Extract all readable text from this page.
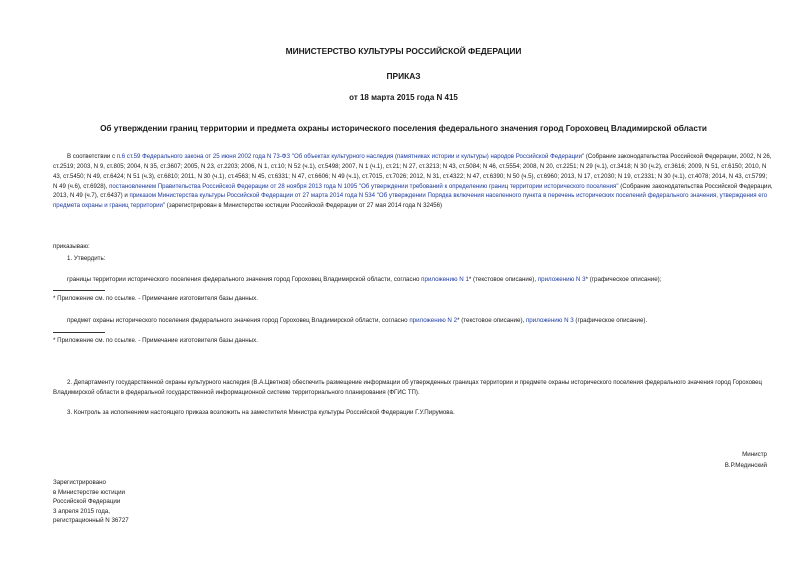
МИНИСТЕРСТВО КУЛЬТУРЫ РОССИЙСКОЙ ФЕДЕРАЦИИ
ПРИКАЗ
от 18 марта 2015 года N 415
Об утверждении границ территории и предмета охраны исторического поселения федерального значения город Гороховец Владимирской области
В соответствии с п.6 ст.59 Федерального закона от 25 июня 2002 года N 73-ФЗ "Об объектах культурного наследия (памятниках истории и культуры) народов Российской Федерации" (Собрание законодательства Российской Федерации, 2002, N 26, ст.2519; 2003, N 9, ст.805; 2004, N 35, ст.3607; 2005, N 23, ст.2203; 2006, N 1, ст.10; N 52 (ч.1), ст.5498; 2007, N 1 (ч.1), ст.21; N 27, ст.3213; N 43, ст.5084; N 46, ст.5554; 2008, N 20, ст.2251; N 29 (ч.1), ст.3418; N 30 (ч.2), ст.3616; 2009, N 51, ст.6150; 2010, N 43, ст.5450; N 49, ст.6424; N 51 (ч.3), ст.6810; 2011, N 30 (ч.1), ст.4563; N 45, ст.6331; N 47, ст.6606; N 49 (ч.1), ст.7015, ст.7026; 2012, N 31, ст.4322; N 47, ст.6390; N 50 (ч.5), ст.6960; 2013, N 17, ст.2030; N 19, ст.2331; N 30 (ч.1), ст.4078; 2014, N 43, ст.5799; N 49 (ч.6), ст.6928), постановлением Правительства Российской Федерации от 28 ноября 2013 года N 1095 "Об утверждении требований к определению границ территории исторического поселения" (Собрание законодательства Российской Федерации, 2013, N 49 (ч.7), ст.6437) и приказом Министерства культуры Российской Федерации от 27 марта 2014 года N 534 "Об утверждении Порядка включения населенного пункта в перечень исторических поселений федерального значения, утверждения его предмета охраны и границ территории" (зарегистрирован в Министерстве юстиции Российской Федерации от 27 мая 2014 года N 32456)
приказываю:
1. Утвердить:
границы территории исторического поселения федерального значения город Гороховец Владимирской области, согласно приложению N 1* (текстовое описание), приложению N 3* (графическое описание);
* Приложение см. по ссылке. - Примечание изготовителя базы данных.
предмет охраны исторического поселения федерального значения город Гороховец Владимирской области, согласно приложению N 2* (текстовое описание), приложению N 3 (графическое описание).
* Приложение см. по ссылке. - Примечание изготовителя базы данных.
2. Департаменту государственной охраны культурного наследия (В.А.Цветнов) обеспечить размещение информации об утвержденных границах территории и предмете охраны исторического поселения федерального значения город Гороховец Владимирской области в федеральной государственной информационной системе территориального планирования (ФГИС ТП).
3. Контроль за исполнением настоящего приказа возложить на заместителя Министра культуры Российской Федерации Г.У.Пирумова.
Министр
В.Р.Мединский
Зарегистрировано
в Министерстве юстиции
Российской Федерации
3 апреля 2015 года,
регистрационный N 36727
